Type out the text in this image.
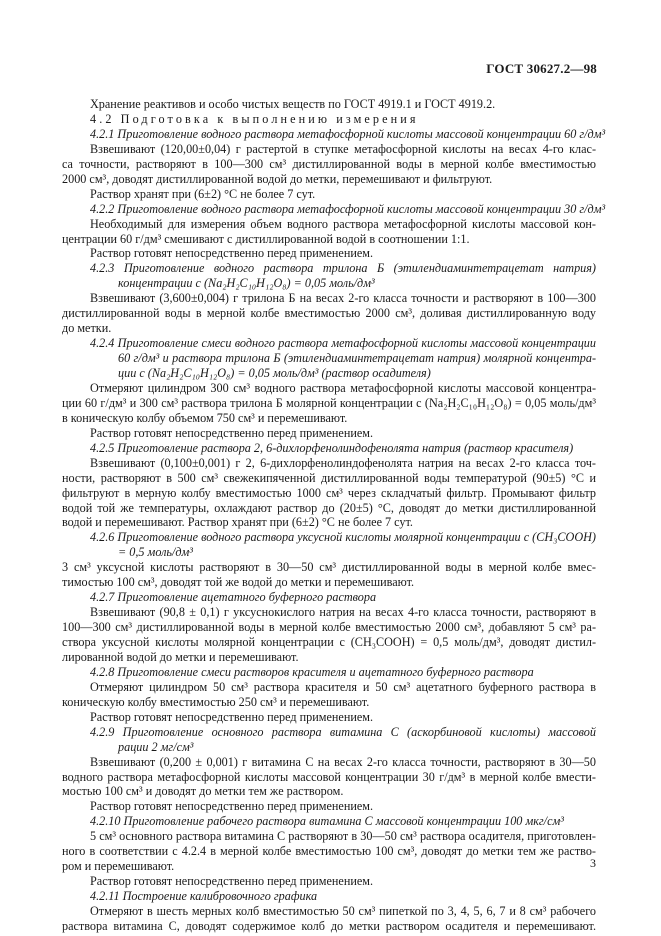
ГОСТ 30627.2—98
Хранение реактивов и особо чистых веществ по ГОСТ 4919.1 и ГОСТ 4919.2.
4.2 Подготовка к выполнению измерения
4.2.1 Приготовление водного раствора метафосфорной кислоты массовой концентрации 60 г/дм³
Взвешивают (120,00±0,04) г растертой в ступке метафосфорной кислоты на весах 4-го клас-
са точности, растворяют в 100—300 см³ дистиллированной воды в мерной колбе вместимостью
2000 см³, доводят дистиллированной водой до метки, перемешивают и фильтруют.
Раствор хранят при (6±2) °С не более 7 сут.
4.2.2 Приготовление водного раствора метафосфорной кислоты массовой концентрации 30 г/дм³
Необходимый для измерения объем водного раствора метафосфорной кислоты массовой кон-
центрации 60 г/дм³ смешивают с дистиллированной водой в соотношении 1:1.
Раствор готовят непосредственно перед применением.
4.2.3 Приготовление водного раствора трилона Б (этилендиаминтетрацетат натрия)
концентрации с (Na₂H₂C₁₀H₁₂O₈) = 0,05 моль/дм³
Взвешивают (3,600±0,004) г трилона Б на весах 2-го класса точности и растворяют в 100—300
дистиллированной воды в мерной колбе вместимостью 2000 см³, доливая дистиллированную воду
до метки.
4.2.4 Приготовление смеси водного раствора метафосфорной кислоты массовой концентрации
60 г/дм³ и раствора трилона Б (этилендиаминтетрацетат натрия) молярной концентра-
ции с (Na₂H₂C₁₀H₁₂O₈) = 0,05 моль/дм³ (раствор осадителя)
Отмеряют цилиндром 300 см³ водного раствора метафосфорной кислоты массовой концентра-
ции 60 г/дм³ и 300 см³ раствора трилона Б молярной концентрации с (Na₂H₂C₁₀H₁₂O₈) = 0,05 моль/дм³
в коническую колбу объемом 750 см³ и перемешивают.
Раствор готовят непосредственно перед применением.
4.2.5 Приготовление раствора 2, 6-дихлорфенолиндофенолята натрия (раствор красителя)
Взвешивают (0,100±0,001) г 2, 6-дихлорфенолиндофенолята натрия на весах 2-го класса точ-
ности, растворяют в 500 см³ свежекипяченной дистиллированной воды температурой (90±5) °С и
фильтруют в мерную колбу вместимостью 1000 см³ через складчатый фильтр. Промывают фильтр
водой той же температуры, охлаждают раствор до (20±5) °С, доводят до метки дистиллированной
водой и перемешивают. Раствор хранят при (6±2) °С не более 7 сут.
4.2.6 Приготовление водного раствора уксусной кислоты молярной концентрации с (CH₃COOH)
= 0,5 моль/дм³
3 см³ уксусной кислоты растворяют в 30—50 см³ дистиллированной воды в мерной колбе вмес-
тимостью 100 см³, доводят той же водой до метки и перемешивают.
4.2.7 Приготовление ацетатного буферного раствора
Взвешивают (90,8 ± 0,1) г уксуснокислого натрия на весах 4-го класса точности, растворяют в
100—300 см³ дистиллированной воды в мерной колбе вместимостью 2000 см³, добавляют 5 см³ ра-
створа уксусной кислоты молярной концентрации с (CH₃COOH) = 0,5 моль/дм³, доводят дистил-
лированной водой до метки и перемешивают.
4.2.8 Приготовление смеси растворов красителя и ацетатного буферного раствора
Отмеряют цилиндром 50 см³ раствора красителя и 50 см³ ацетатного буферного раствора в
коническую колбу вместимостью 250 см³ и перемешивают.
Раствор готовят непосредственно перед применением.
4.2.9 Приготовление основного раствора витамина С (аскорбиновой кислоты) массовой
рации 2 мг/см³
Взвешивают (0,200 ± 0,001) г витамина С на весах 2-го класса точности, растворяют в 30—50
водного раствора метафосфорной кислоты массовой концентрации 30 г/дм³ в мерной колбе вмести-
мостью 100 см³ и доводят до метки тем же раствором.
Раствор готовят непосредственно перед применением.
4.2.10 Приготовление рабочего раствора витамина С массовой концентрации 100 мкг/см³
5 см³ основного раствора витамина С растворяют в 30—50 см³ раствора осадителя, приготовлен-
ного в соответствии с 4.2.4 в мерной колбе вместимостью 100 см³, доводят до метки тем же раство-
ром и перемешивают.
Раствор готовят непосредственно перед применением.
4.2.11 Построение калибровочного графика
Отмеряют в шесть мерных колб вместимостью 50 см³ пипеткой по 3, 4, 5, 6, 7 и 8 см³ рабочего
раствора витамина С, доводят содержимое колб до метки раствором осадителя и перемешивают.
3
